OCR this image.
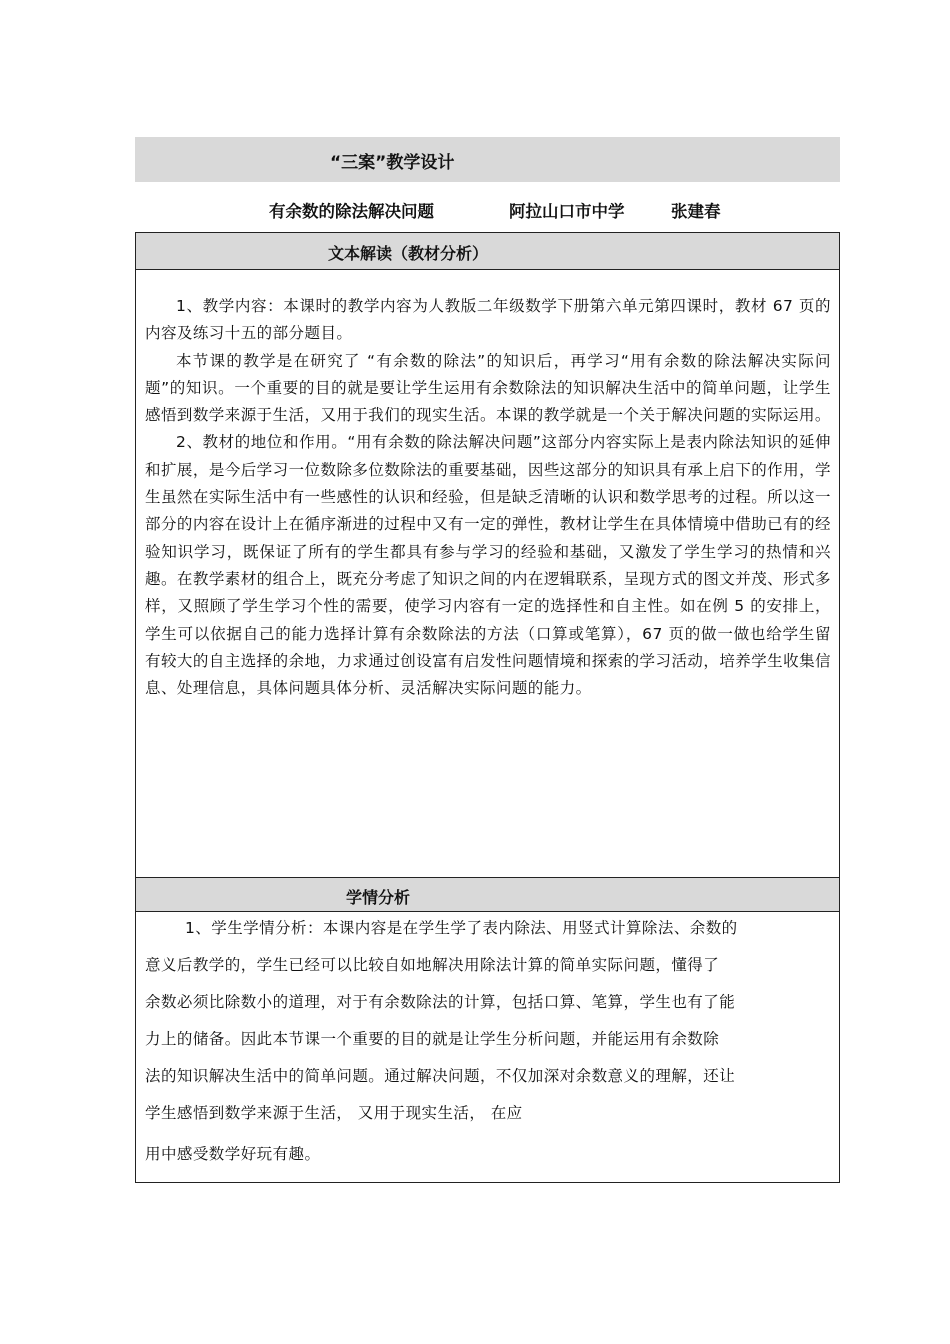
“三案”教学设计
有余数的除法解决问题	阿拉山口市中学	张建春
文本解读（教材分析）

1、教学内容：本课时的教学内容为人教版二年级数学下册第六单元第四课时，教材 67 页的内容及练习十五的部分题目。

本节课的教学是在研究了 “有余数的除法”的知识后，再学习“用有余数的除法解决实际问题”的知识。一个重要的目的就是要让学生运用有余数除法的知识解决生活中的简单问题，让学生感悟到数学来源于生活，又用于我们的现实生活。本课的教学就是一个关于解决问题的实际运用。

2、教材的地位和作用。“用有余数的除法解决问题”这部分内容实际上是表内除法知识的延伸和扩展，是今后学习一位数除多位数除法的重要基础，因些这部分的知识具有承上启下的作用，学生虽然在实际生活中有一些感性的认识和经验，但是缺乏清晰的认识和数学思考的过程。所以这一部分的内容在设计上在循序渐进的过程中又有一定的弹性，教材让学生在具体情境中借助已有的经验知识学习，既保证了所有的学生都具有参与学习的经验和基础，又激发了学生学习的热情和兴趣。在教学素材的组合上，既充分考虑了知识之间的内在逻辑联系，呈现方式的图文并茂、形式多样，又照顾了学生学习个性的需要，使学习内容有一定的选择性和自主性。如在例 5 的安排上，学生可以依据自己的能力选择计算有余数除法的方法（口算或笔算），67 页的做一做也给学生留有较大的自主选择的余地，力求通过创设富有启发性问题情境和探索的学习活动，培养学生收集信息、处理信息，具体问题具体分析、灵活解决实际问题的能力。

学情分析
1、学生学情分析：本课内容是在学生学了表内除法、用竖式计算除法、余数的
意义后教学的，学生已经可以比较自如地解决用除法计算的简单实际问题，懂得了
余数必须比除数小的道理，对于有余数除法的计算，包括口算、笔算，学生也有了能
力上的储备。因此本节课一个重要的目的就是让学生分析问题，并能运用有余数除
法的知识解决生活中的简单问题。通过解决问题，不仅加深对余数意义的理解，还让
学生感悟到数学来源于生活， 又用于现实生活， 在应
用中感受数学好玩有趣。
